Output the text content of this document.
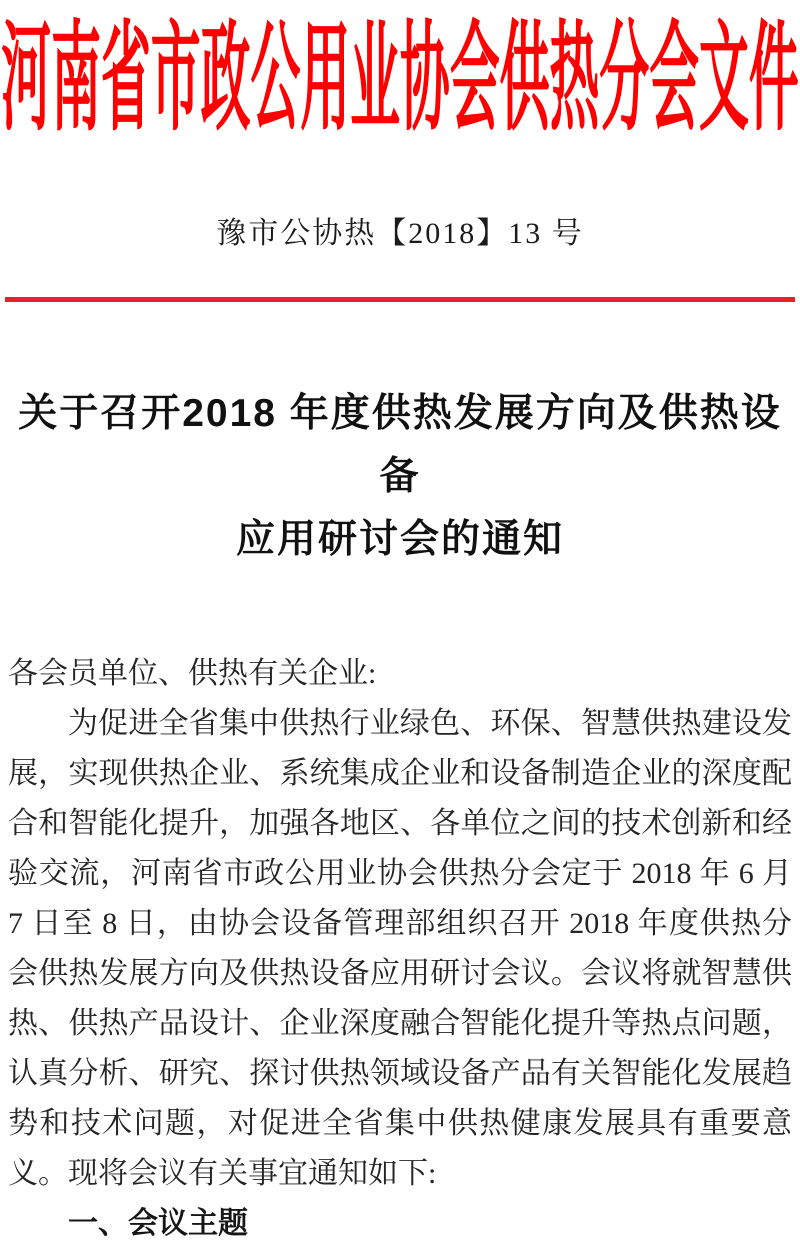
河南省市政公用业协会供热分会文件
豫市公协热【2018】13 号
关于召开2018 年度供热发展方向及供热设备
应用研讨会的通知
各会员单位、供热有关企业:
为促进全省集中供热行业绿色、环保、智慧供热建设发展，实现供热企业、系统集成企业和设备制造企业的深度配合和智能化提升，加强各地区、各单位之间的技术创新和经验交流，河南省市政公用业协会供热分会定于 2018 年 6 月 7 日至 8 日，由协会设备管理部组织召开 2018 年度供热分会供热发展方向及供热设备应用研讨会议。会议将就智慧供热、供热产品设计、企业深度融合智能化提升等热点问题，认真分析、研究、探讨供热领域设备产品有关智能化发展趋势和技术问题，对促进全省集中供热健康发展具有重要意义。现将会议有关事宜通知如下:
一、会议主题
